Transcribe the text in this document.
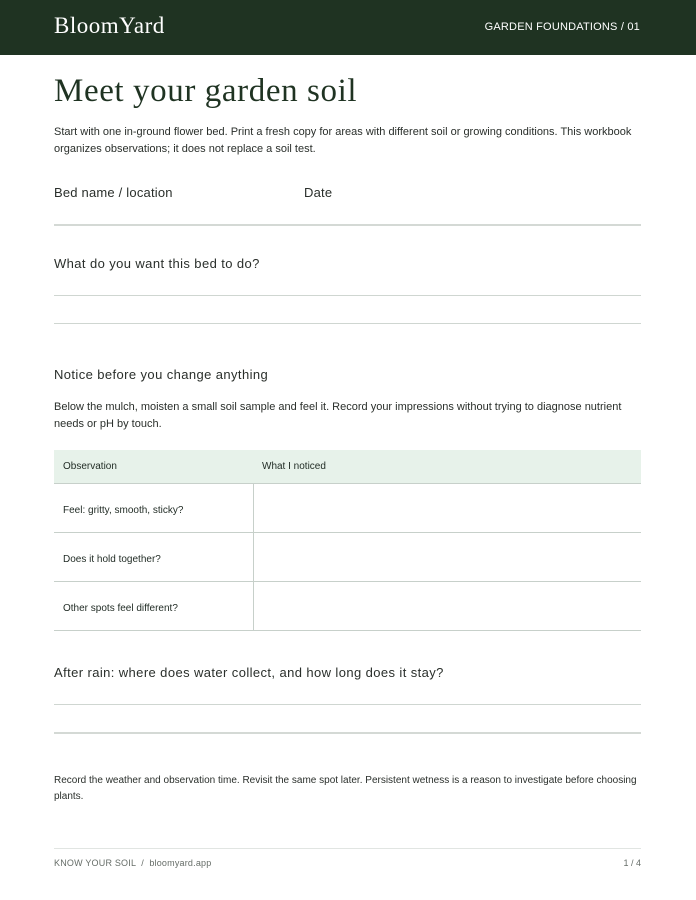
BloomYard	GARDEN FOUNDATIONS / 01
Meet your garden soil

Start with one in-ground flower bed. Print a fresh copy for areas with different soil or growing conditions. This workbook organizes observations; it does not replace a soil test.

Bed name / location	Date
What do you want this bed to do?
Notice before you change anything

Below the mulch, moisten a small soil sample and feel it. Record your impressions without trying to diagnose nutrient needs or pH by touch.

Observation	What I noticed
Feel: gritty, smooth, sticky?	
Does it hold together?	
Other spots feel different?	
After rain: where does water collect, and how long does it stay?

Record the weather and observation time. Revisit the same spot later. Persistent wetness is a reason to investigate before choosing plants.

KNOW YOUR SOIL  /  bloomyard.app	1 / 4
